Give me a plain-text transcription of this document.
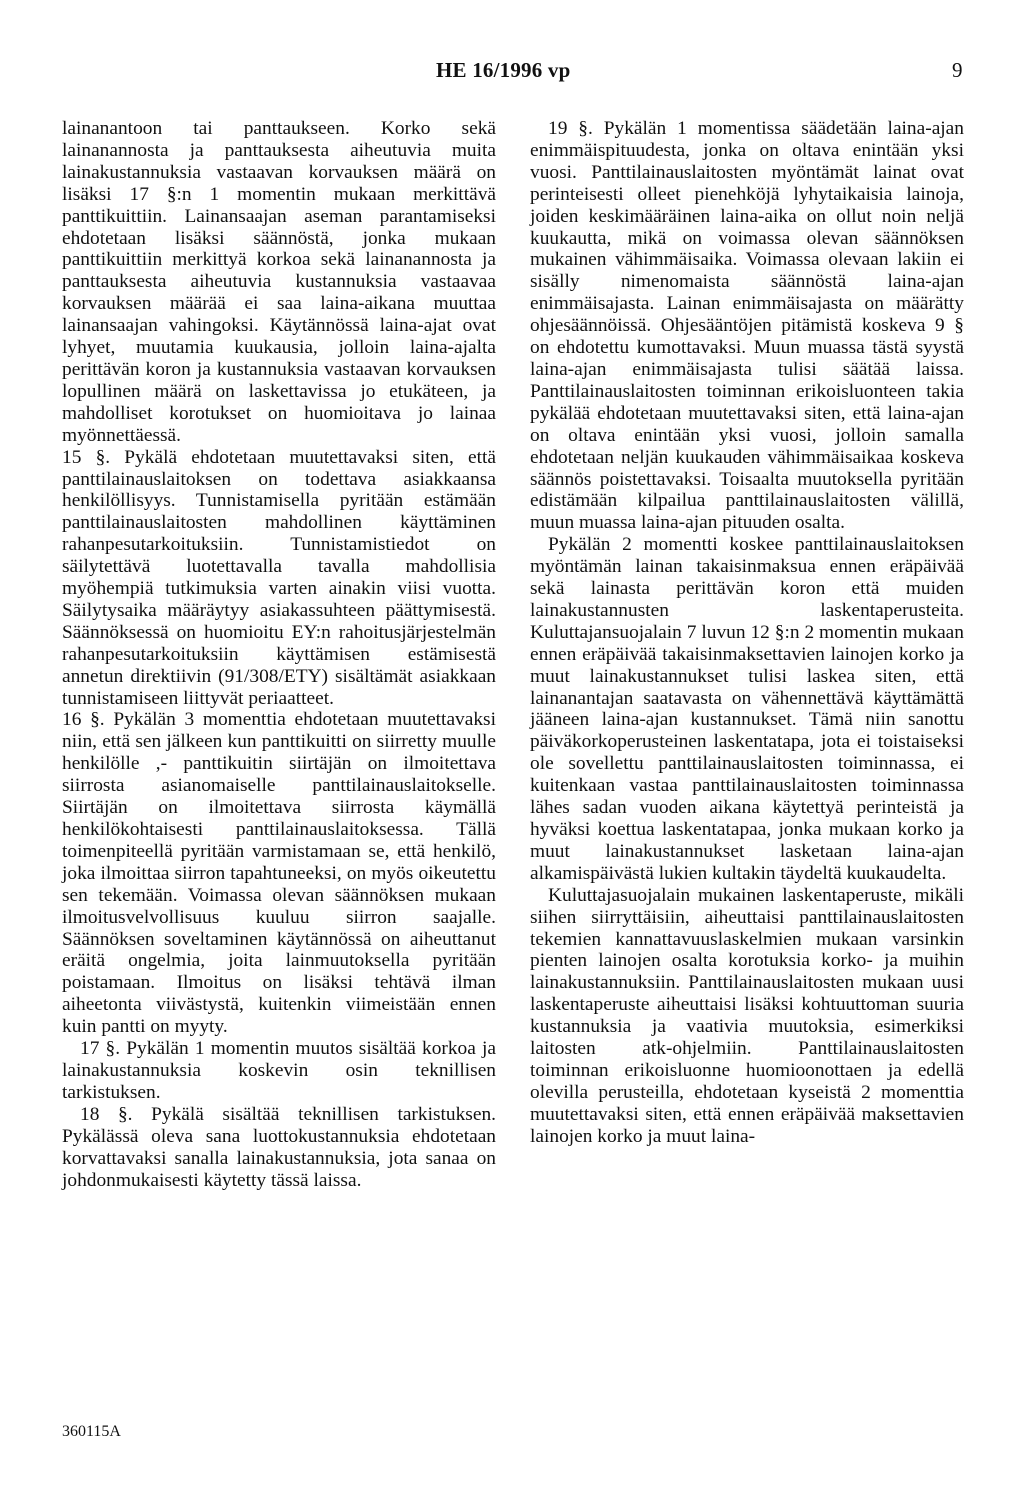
HE 16/1996 vp	9

lainanantoon tai panttaukseen. Korko sekä lainanannosta ja panttauksesta aiheutuvia muita lainakustannuksia vastaavan korvauksen määrä on lisäksi 17 §:n 1 momentin mukaan merkittävä panttikuittiin. Lainansaajan aseman parantamiseksi ehdotetaan lisäksi säännöstä, jonka mukaan panttikuittiin merkittyä korkoa sekä lainanannosta ja panttauksesta aiheutuvia kustannuksia vastaavaa korvauksen määrää ei saa laina-aikana muuttaa lainansaajan vahingoksi. Käytännössä laina-ajat ovat lyhyet, muutamia kuukausia, jolloin laina-ajalta perittävän koron ja kustannuksia vastaavan korvauksen lopullinen määrä on laskettavissa jo etukäteen, ja mahdolliset korotukset on huomioitava jo lainaa myönnettäessä.

15 §. Pykälä ehdotetaan muutettavaksi siten, että panttilainauslaitoksen on todettava asiakkaansa henkilöllisyys. Tunnistamisella pyritään estämään panttilainauslaitosten mahdollinen käyttäminen rahanpesutarkoituksiin. Tunnistamistiedot on säilytettävä luotettavalla tavalla mahdollisia myöhempiä tutkimuksia varten ainakin viisi vuotta. Säilytysaika määräytyy asiakassuhteen päättymisestä. Säännöksessä on huomioitu EY:n rahoitusjärjestelmän rahanpesutarkoituksiin käyttämisen estämisestä annetun direktiivin (91/308/ETY) sisältämät asiakkaan tunnistamiseen liittyvät periaatteet.

16 §. Pykälän 3 momenttia ehdotetaan muutettavaksi niin, että sen jälkeen kun panttikuitti on siirretty muulle henkilölle ,- panttikuitin siirtäjän on ilmoitettava siirrosta asianomaiselle panttilainauslaitokselle. Siirtäjän on ilmoitettava siirrosta käymällä henkilökohtaisesti panttilainauslaitoksessa. Tällä toimenpiteellä pyritään varmistamaan se, että henkilö, joka ilmoittaa siirron tapahtuneeksi, on myös oikeutettu sen tekemään. Voimassa olevan säännöksen mukaan ilmoitusvelvollisuus kuuluu siirron saajalle. Säännöksen soveltaminen käytännössä on aiheuttanut eräitä ongelmia, joita lainmuutoksella pyritään poistamaan. Ilmoitus on lisäksi tehtävä ilman aiheetonta viivästystä, kuitenkin viimeistään ennen kuin pantti on myyty.

17 §. Pykälän 1 momentin muutos sisältää korkoa ja lainakustannuksia koskevin osin teknillisen tarkistuksen.

18 §. Pykälä sisältää teknillisen tarkistuksen. Pykälässä oleva sana luottokustannuksia ehdotetaan korvattavaksi sanalla lainakustannuksia, jota sanaa on johdonmukaisesti käytetty tässä laissa.

19 §. Pykälän 1 momentissa säädetään laina-ajan enimmäispituudesta, jonka on oltava enintään yksi vuosi. Panttilainauslaitosten myöntämät lainat ovat perinteisesti olleet pienehköjä lyhytaikaisia lainoja, joiden keskimääräinen laina-aika on ollut noin neljä kuukautta, mikä on voimassa olevan säännöksen mukainen vähimmäisaika. Voimassa olevaan lakiin ei sisälly nimenomaista säännöstä laina-ajan enimmäisajasta. Lainan enimmäisajasta on määrätty ohjesäännöissä. Ohjesääntöjen pitämistä koskeva 9 § on ehdotettu kumottavaksi. Muun muassa tästä syystä laina-ajan enimmäisajasta tulisi säätää laissa. Panttilainauslaitosten toiminnan erikoisluonteen takia pykälää ehdotetaan muutettavaksi siten, että laina-ajan on oltava enintään yksi vuosi, jolloin samalla ehdotetaan neljän kuukauden vähimmäisaikaa koskeva säännös poistettavaksi. Toisaalta muutoksella pyritään edistämään kilpailua panttilainauslaitosten välillä, muun muassa laina-ajan pituuden osalta.

Pykälän 2 momentti koskee panttilainauslaitoksen myöntämän lainan takaisinmaksua ennen eräpäivää sekä lainasta perittävän koron että muiden lainakustannusten laskentaperusteita. Kuluttajansuojalain 7 luvun 12 §:n 2 momentin mukaan ennen eräpäivää takaisinmaksettavien lainojen korko ja muut lainakustannukset tulisi laskea siten, että lainanantajan saatavasta on vähennettävä käyttämättä jääneen laina-ajan kustannukset. Tämä niin sanottu päiväkorkoperusteinen laskentatapa, jota ei toistaiseksi ole sovellettu panttilainauslaitosten toiminnassa, ei kuitenkaan vastaa panttilainauslaitosten toiminnassa lähes sadan vuoden aikana käytettyä perinteistä ja hyväksi koettua laskentatapaa, jonka mukaan korko ja muut lainakustannukset lasketaan laina-ajan alkamispäivästä lukien kultakin täydeltä kuukaudelta.

Kuluttajasuojalain mukainen laskentaperuste, mikäli siihen siirryttäisiin, aiheuttaisi panttilainauslaitosten tekemien kannattavuuslaskelmien mukaan varsinkin pienten lainojen osalta korotuksia korko- ja muihin lainakustannuksiin. Panttilainauslaitosten mukaan uusi laskentaperuste aiheuttaisi lisäksi kohtuuttoman suuria kustannuksia ja vaativia muutoksia, esimerkiksi laitosten atk-ohjelmiin. Panttilainauslaitosten toiminnan erikoisluonne huomioonottaen ja edellä olevilla perusteilla, ehdotetaan kyseistä 2 momenttia muutettavaksi siten, että ennen eräpäivää maksettavien lainojen korko ja muut laina-

360115A
